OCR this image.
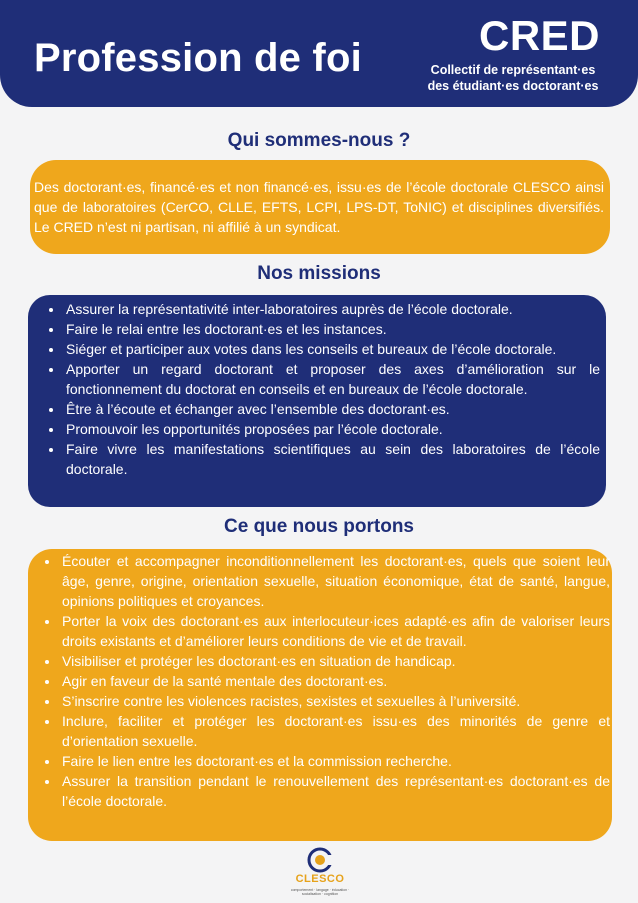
Profession de foi	CRED
Collectif de représentant·es
des étudiant·es doctorant·es
Qui sommes-nous ?

Des doctorant·es, financé·es et non financé·es, issu·es de l’école doctorale CLESCO ainsi que de laboratoires (CerCO, CLLE, EFTS, LCPI, LPS-DT, ToNIC) et disciplines diversifiés. Le CRED n’est ni partisan, ni affilié à un syndicat.

Nos missions
• Assurer la représentativité inter-laboratoires auprès de l’école doctorale.
• Faire le relai entre les doctorant·es et les instances.
• Siéger et participer aux votes dans les conseils et bureaux de l’école doctorale.
• Apporter un regard doctorant et proposer des axes d’amélioration sur le fonctionnement du doctorat en conseils et en bureaux de l’école doctorale.
• Être à l’écoute et échanger avec l’ensemble des doctorant·es.
• Promouvoir les opportunités proposées par l’école doctorale.
• Faire vivre les manifestations scientifiques au sein des laboratoires de l’école doctorale.
Ce que nous portons
• Écouter et accompagner inconditionnellement les doctorant·es, quels que soient leur âge, genre, origine, orientation sexuelle, situation économique, état de santé, langue, opinions politiques et croyances.
• Porter la voix des doctorant·es aux interlocuteur·ices adapté·es afin de valoriser leurs droits existants et d’améliorer leurs conditions de vie et de travail.
• Visibiliser et protéger les doctorant·es en situation de handicap.
• Agir en faveur de la santé mentale des doctorant·es.
• S’inscrire contre les violences racistes, sexistes et sexuelles à l’université.
• Inclure, faciliter et protéger les doctorant·es issu·es des minorités de genre et d’orientation sexuelle.
• Faire le lien entre les doctorant·es et la commission recherche.
• Assurer la transition pendant le renouvellement des représentant·es doctorant·es de l’école doctorale.
CLESCO
comportement · langage · éducation · socialisation · cognition
